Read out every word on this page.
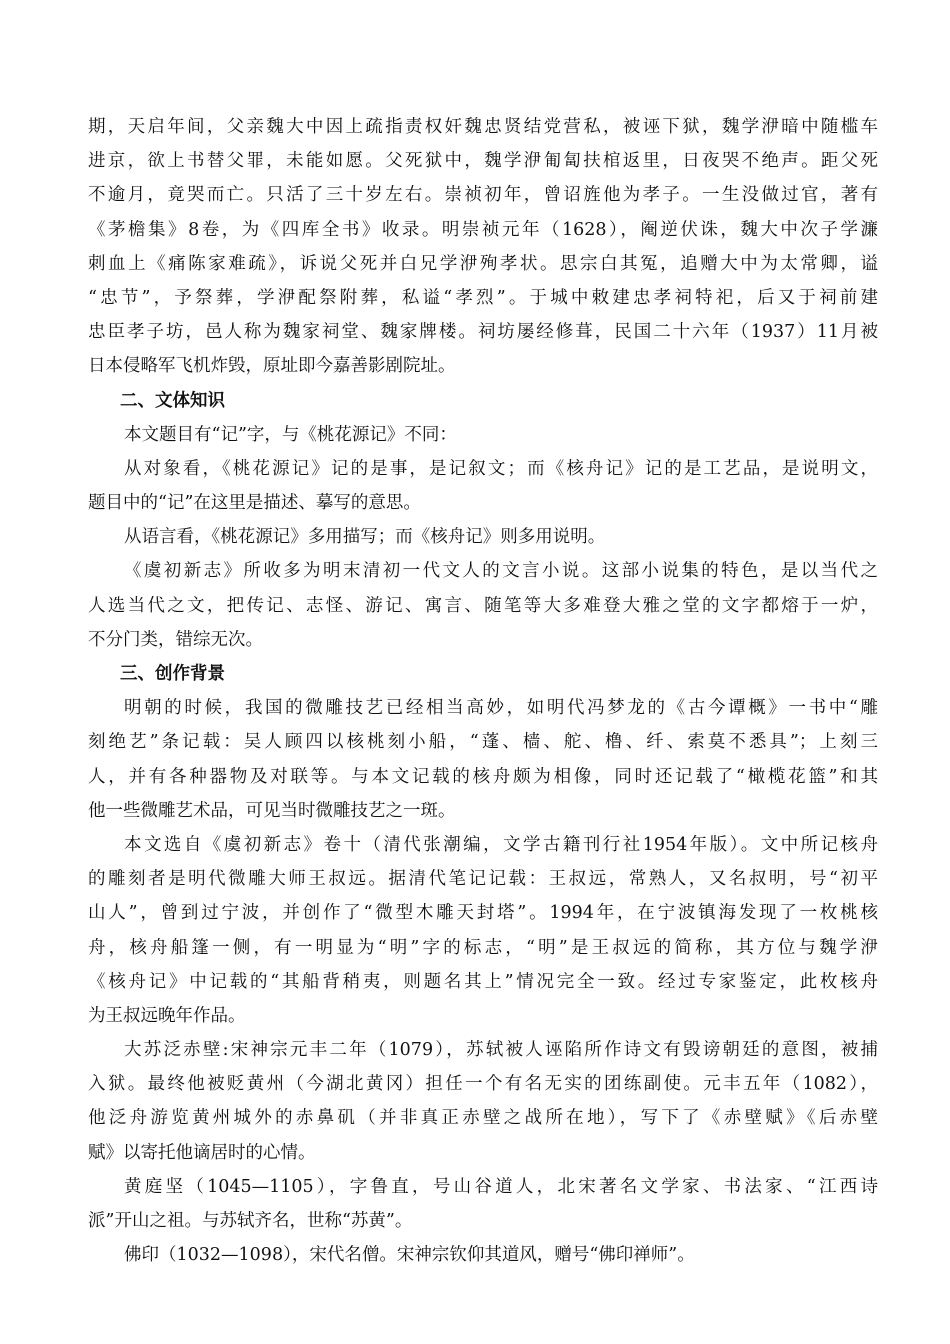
期，天启年间，父亲魏大中因上疏指责权奸魏忠贤结党营私，被诬下狱，魏学洢暗中随槛车
进京，欲上书替父罪，未能如愿。父死狱中，魏学洢匍匐扶棺返里，日夜哭不绝声。距父死
不逾月，竟哭而亡。只活了三十岁左右。崇祯初年，曾诏旌他为孝子。一生没做过官，著有
《茅檐集》8卷，为《四库全书》收录。明崇祯元年（1628），阉逆伏诛，魏大中次子学濂
刺血上《痛陈家难疏》，诉说父死并白兄学洢殉孝状。思宗白其冤，追赠大中为太常卿，谥
“忠节”，予祭葬，学洢配祭附葬，私谥“孝烈”。于城中敕建忠孝祠特祀，后又于祠前建
忠臣孝子坊，邑人称为魏家祠堂、魏家牌楼。祠坊屡经修葺，民国二十六年（1937）11月被
日本侵略军飞机炸毁，原址即今嘉善影剧院址。
二、文体知识
本文题目有“记”字，与《桃花源记》不同：
从对象看，《桃花源记》记的是事，是记叙文；而《核舟记》记的是工艺品，是说明文，
题目中的“记”在这里是描述、摹写的意思。
从语言看，《桃花源记》多用描写；而《核舟记》则多用说明。
《虞初新志》所收多为明末清初一代文人的文言小说。这部小说集的特色，是以当代之
人选当代之文，把传记、志怪、游记、寓言、随笔等大多难登大雅之堂的文字都熔于一炉，
不分门类，错综无次。
三、创作背景
明朝的时候，我国的微雕技艺已经相当高妙，如明代冯梦龙的《古今谭概》一书中“雕
刻绝艺”条记载：吴人顾四以核桃刻小船，“蓬、樯、舵、橹、纤、索莫不悉具”；上刻三
人，并有各种器物及对联等。与本文记载的核舟颇为相像，同时还记载了“橄榄花篮”和其
他一些微雕艺术品，可见当时微雕技艺之一斑。
本文选自《虞初新志》卷十（清代张潮编，文学古籍刊行社1954年版）。文中所记核舟
的雕刻者是明代微雕大师王叔远。据清代笔记记载：王叔远，常熟人，又名叔明，号“初平
山人”，曾到过宁波，并创作了“微型木雕天封塔”。1994年，在宁波镇海发现了一枚桃核
舟，核舟船篷一侧，有一明显为“明”字的标志，“明”是王叔远的简称，其方位与魏学洢
《核舟记》中记载的“其船背稍夷，则题名其上”情况完全一致。经过专家鉴定，此枚核舟
为王叔远晚年作品。
大苏泛赤壁:宋神宗元丰二年（1079），苏轼被人诬陷所作诗文有毁谤朝廷的意图，被捕
入狱。最终他被贬黄州（今湖北黄冈）担任一个有名无实的团练副使。元丰五年（1082），
他泛舟游览黄州城外的赤鼻矶（并非真正赤壁之战所在地），写下了《赤壁赋》《后赤壁
赋》以寄托他谪居时的心情。
黄庭坚（1045—1105），字鲁直，号山谷道人，北宋著名文学家、书法家、“江西诗
派”开山之祖。与苏轼齐名，世称“苏黄”。
佛印（1032—1098），宋代名僧。宋神宗钦仰其道风，赠号“佛印禅师”。
